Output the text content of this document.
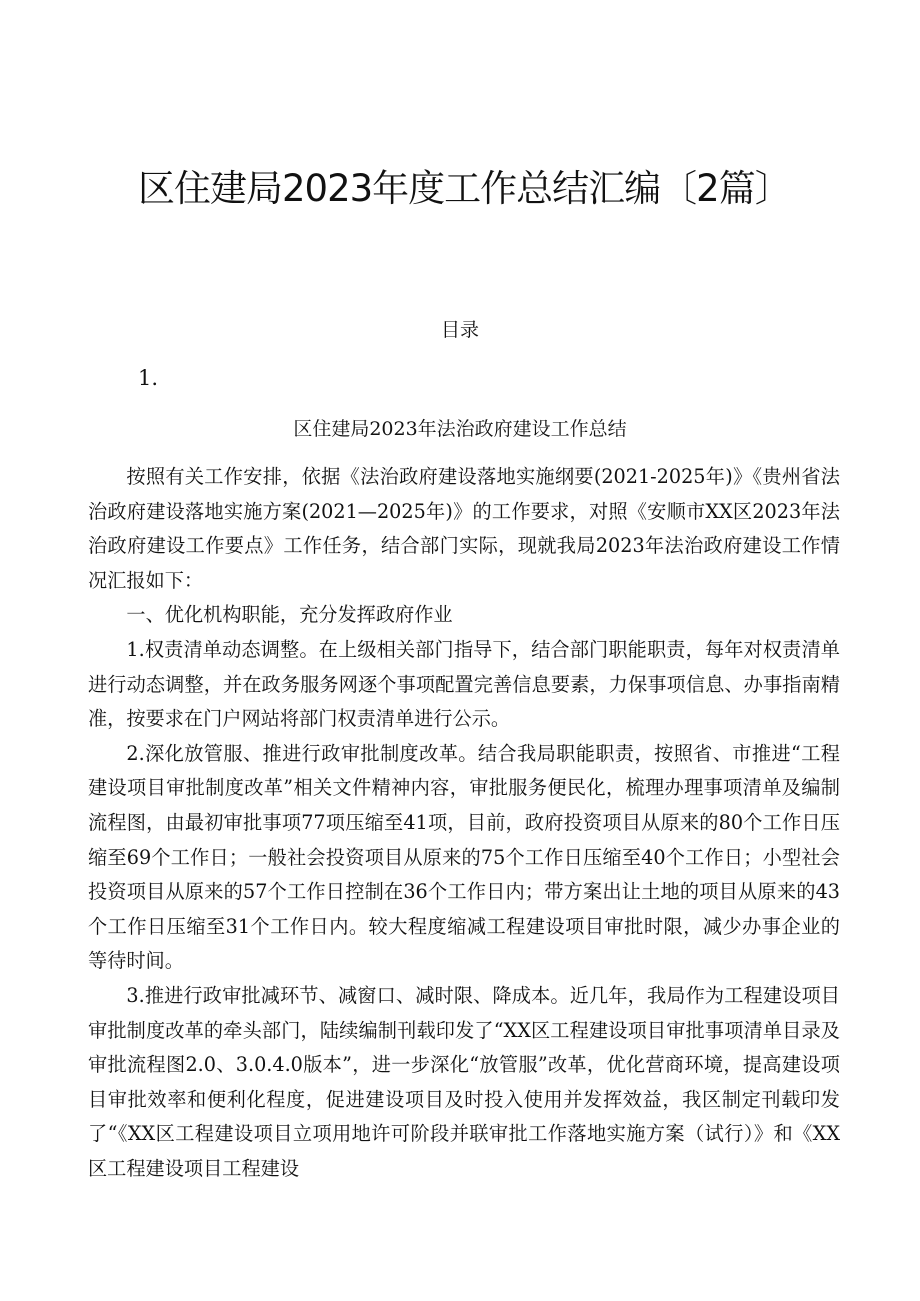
区住建局2023年度工作总结汇编〔2篇〕
目录
1.
区住建局2023年法治政府建设工作总结

按照有关工作安排，依据《法治政府建设落地实施纲要(2021-2025年)》《贵州省法治政府建设落地实施方案(2021—2025年)》的工作要求，对照《安顺市XX区2023年法治政府建设工作要点》工作任务，结合部门实际，现就我局2023年法治政府建设工作情况汇报如下：

一、优化机构职能，充分发挥政府作业

1.权责清单动态调整。在上级相关部门指导下，结合部门职能职责，每年对权责清单进行动态调整，并在政务服务网逐个事项配置完善信息要素，力保事项信息、办事指南精准，按要求在门户网站将部门权责清单进行公示。

2.深化放管服、推进行政审批制度改革。结合我局职能职责，按照省、市推进“工程建设项目审批制度改革”相关文件精神内容，审批服务便民化，梳理办理事项清单及编制流程图，由最初审批事项77项压缩至41项，目前，政府投资项目从原来的80个工作日压缩至69个工作日；一般社会投资项目从原来的75个工作日压缩至40个工作日；小型社会投资项目从原来的57个工作日控制在36个工作日内；带方案出让土地的项目从原来的43个工作日压缩至31个工作日内。较大程度缩减工程建设项目审批时限，减少办事企业的等待时间。

3.推进行政审批减环节、减窗口、减时限、降成本。近几年，我局作为工程建设项目审批制度改革的牵头部门，陆续编制刊载印发了“XX区工程建设项目审批事项清单目录及审批流程图2.0、3.0.4.0版本”，进一步深化“放管服”改革，优化营商环境，提高建设项目审批效率和便利化程度，促进建设项目及时投入使用并发挥效益，我区制定刊载印发了“《XX区工程建设项目立项用地许可阶段并联审批工作落地实施方案（试行）》和《XX区工程建设项目工程建设
